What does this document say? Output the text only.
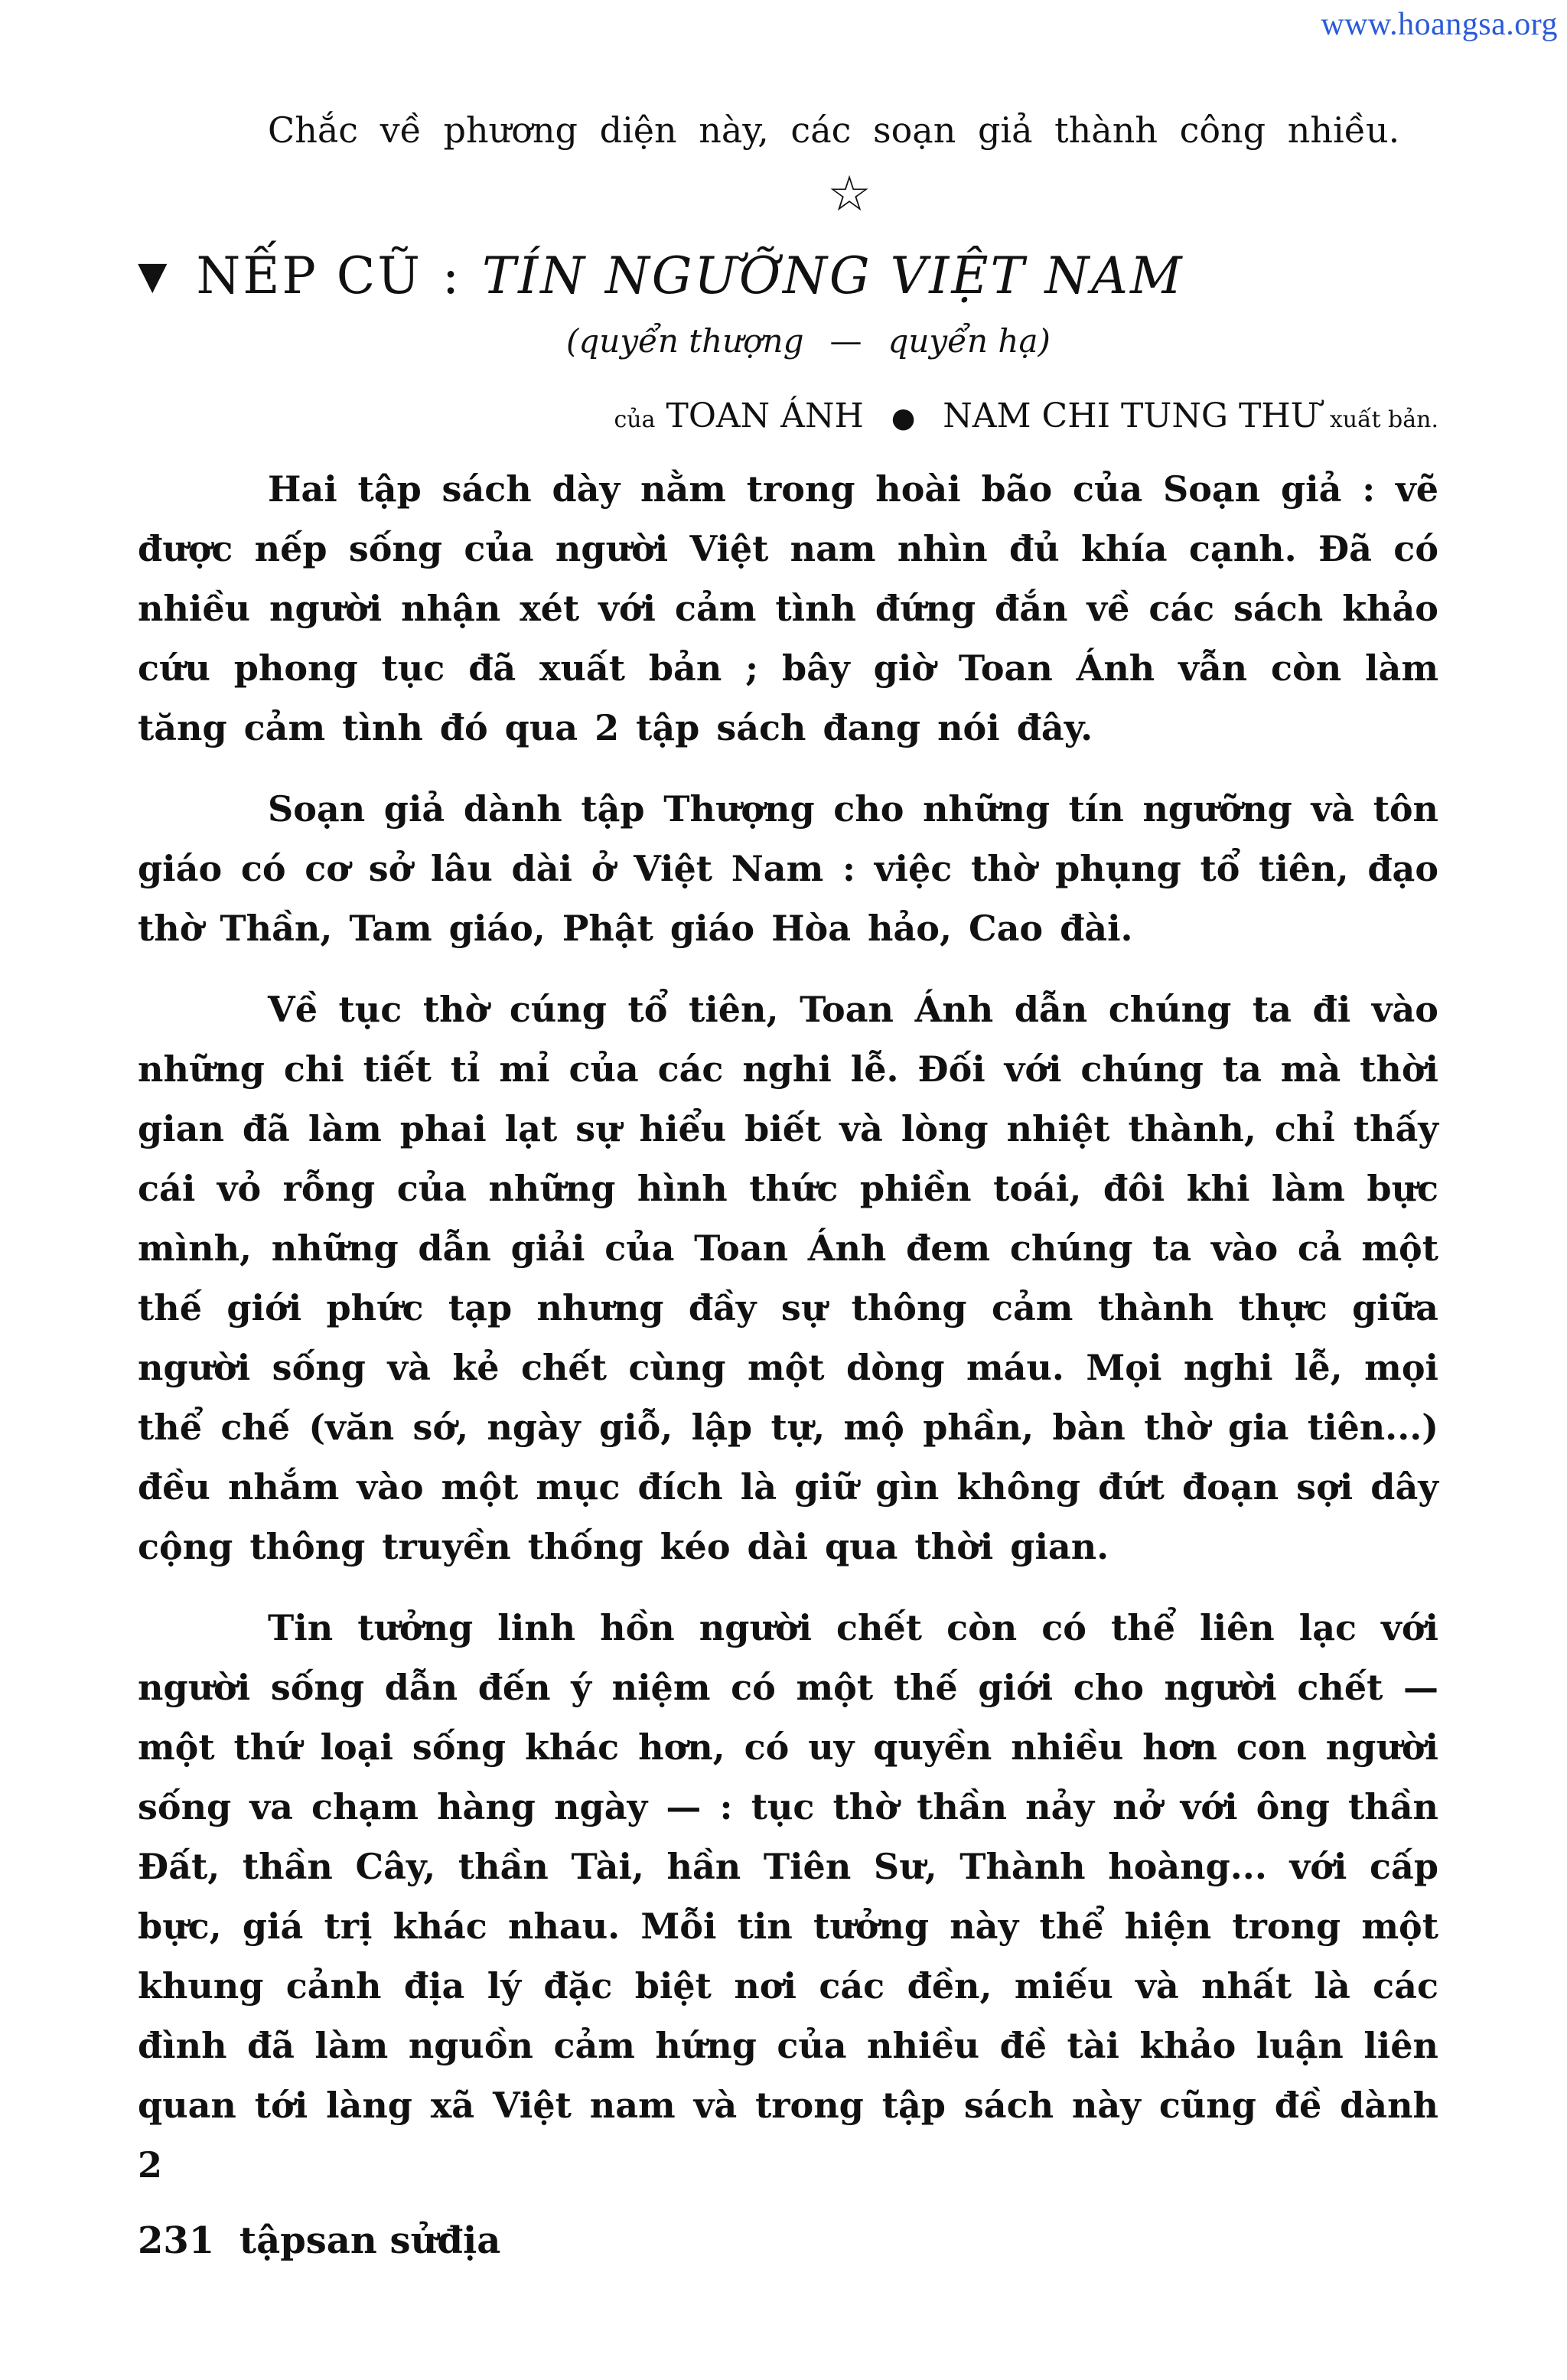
www.hoangsa.org

Chắc về phương diện này, các soạn giả thành công nhiều.

☆
▼ NẾP CŨ : TÍN NGƯỠNG VIỆT NAM
(quyển thượng — quyển hạ)
của TOAN ÁNH ● NAM CHI TUNG THƯ xuất bản.

Hai tập sách dày nằm trong hoài bão của Soạn giả : vẽ được nếp sống của người Việt nam nhìn đủ khía cạnh. Đã có nhiều người nhận xét với cảm tình đứng đắn về các sách khảo cứu phong tục đã xuất bản ; bây giờ Toan Ánh vẫn còn làm tăng cảm tình đó qua 2 tập sách đang nói đây.

Soạn giả dành tập Thượng cho những tín ngưỡng và tôn giáo có cơ sở lâu dài ở Việt Nam : việc thờ phụng tổ tiên, đạo thờ Thần, Tam giáo, Phật giáo Hòa hảo, Cao đài.

Về tục thờ cúng tổ tiên, Toan Ánh dẫn chúng ta đi vào những chi tiết tỉ mỉ của các nghi lễ. Đối với chúng ta mà thời gian đã làm phai lạt sự hiểu biết và lòng nhiệt thành, chỉ thấy cái vỏ rỗng của những hình thức phiền toái, đôi khi làm bực mình, những dẫn giải của Toan Ánh đem chúng ta vào cả một thế giới phức tạp nhưng đầy sự thông cảm thành thực giữa người sống và kẻ chết cùng một dòng máu. Mọi nghi lễ, mọi thể chế (văn sớ, ngày giỗ, lập tự, mộ phần, bàn thờ gia tiên...) đều nhắm vào một mục đích là giữ gìn không đứt đoạn sợi dây cộng thông truyền thống kéo dài qua thời gian.

Tin tưởng linh hồn người chết còn có thể liên lạc với người sống dẫn đến ý niệm có một thế giới cho người chết — một thứ loại sống khác hơn, có uy quyền nhiều hơn con người sống va chạm hàng ngày — : tục thờ thần nảy nở với ông thần Đất, thần Cây, thần Tài, hần Tiên Sư, Thành hoàng... với cấp bực, giá trị khác nhau. Mỗi tin tưởng này thể hiện trong một khung cảnh địa lý đặc biệt nơi các đền, miếu và nhất là các đình đã làm nguồn cảm hứng của nhiều đề tài khảo luận liên quan tới làng xã Việt nam và trong tập sách này cũng đề dành 2

231 tậpsan sửđịa
